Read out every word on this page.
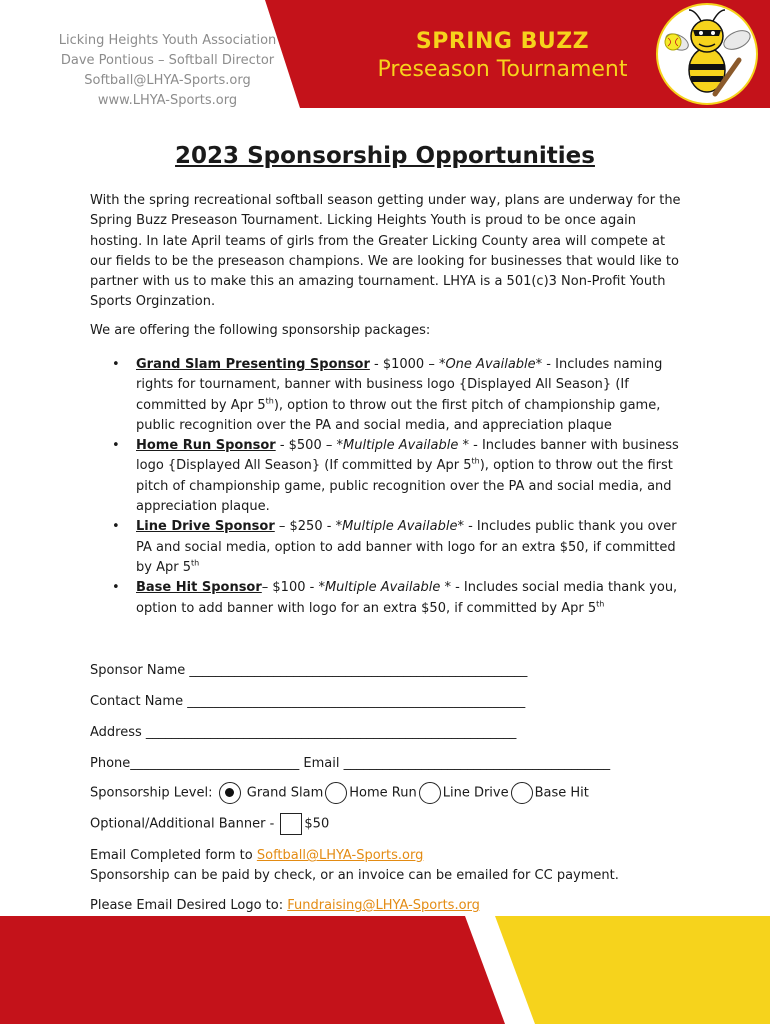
Licking Heights Youth Association
Dave Pontious – Softball Director
Softball@LHYA-Sports.org
www.LHYA-Sports.org
SPRING BUZZ
Preseason Tournament
2023 Sponsorship Opportunities

With the spring recreational softball season getting under way, plans are underway for the Spring Buzz Preseason Tournament. Licking Heights Youth is proud to be once again hosting. In late April teams of girls from the Greater Licking County area will compete at our fields to be the preseason champions. We are looking for businesses that would like to partner with us to make this an amazing tournament. LHYA is a 501(c)3 Non-Profit Youth Sports Orginzation.

We are offering the following sponsorship packages:

• Grand Slam Presenting Sponsor - $1000 – *One Available* - Includes naming rights for tournament, banner with business logo {Displayed All Season} (If committed by Apr 5th), option to throw out the first pitch of championship game, public recognition over the PA and social media, and appreciation plaque
• Home Run Sponsor - $500 – *Multiple Available * - Includes banner with business logo {Displayed All Season} (If committed by Apr 5th), option to throw out the first pitch of championship game, public recognition over the PA and social media, and appreciation plaque.
• Line Drive Sponsor – $250 - *Multiple Available* - Includes public thank you over PA and social media, option to add banner with logo for an extra $50, if committed by Apr 5th
• Base Hit Sponsor– $100 - *Multiple Available * - Includes social media thank you, option to add banner with logo for an extra $50, if committed by Apr 5th
Sponsor Name ____________________________________________________
Contact Name ____________________________________________________
Address _________________________________________________________
Phone__________________________ Email _________________________________________
Sponsorship Level:  Grand Slam Home Run Line Drive Base Hit
Optional/Additional Banner - $50
Email Completed form to Softball@LHYA-Sports.org
Sponsorship can be paid by check, or an invoice can be emailed for CC payment.
Please Email Desired Logo to: Fundraising@LHYA-Sports.org
